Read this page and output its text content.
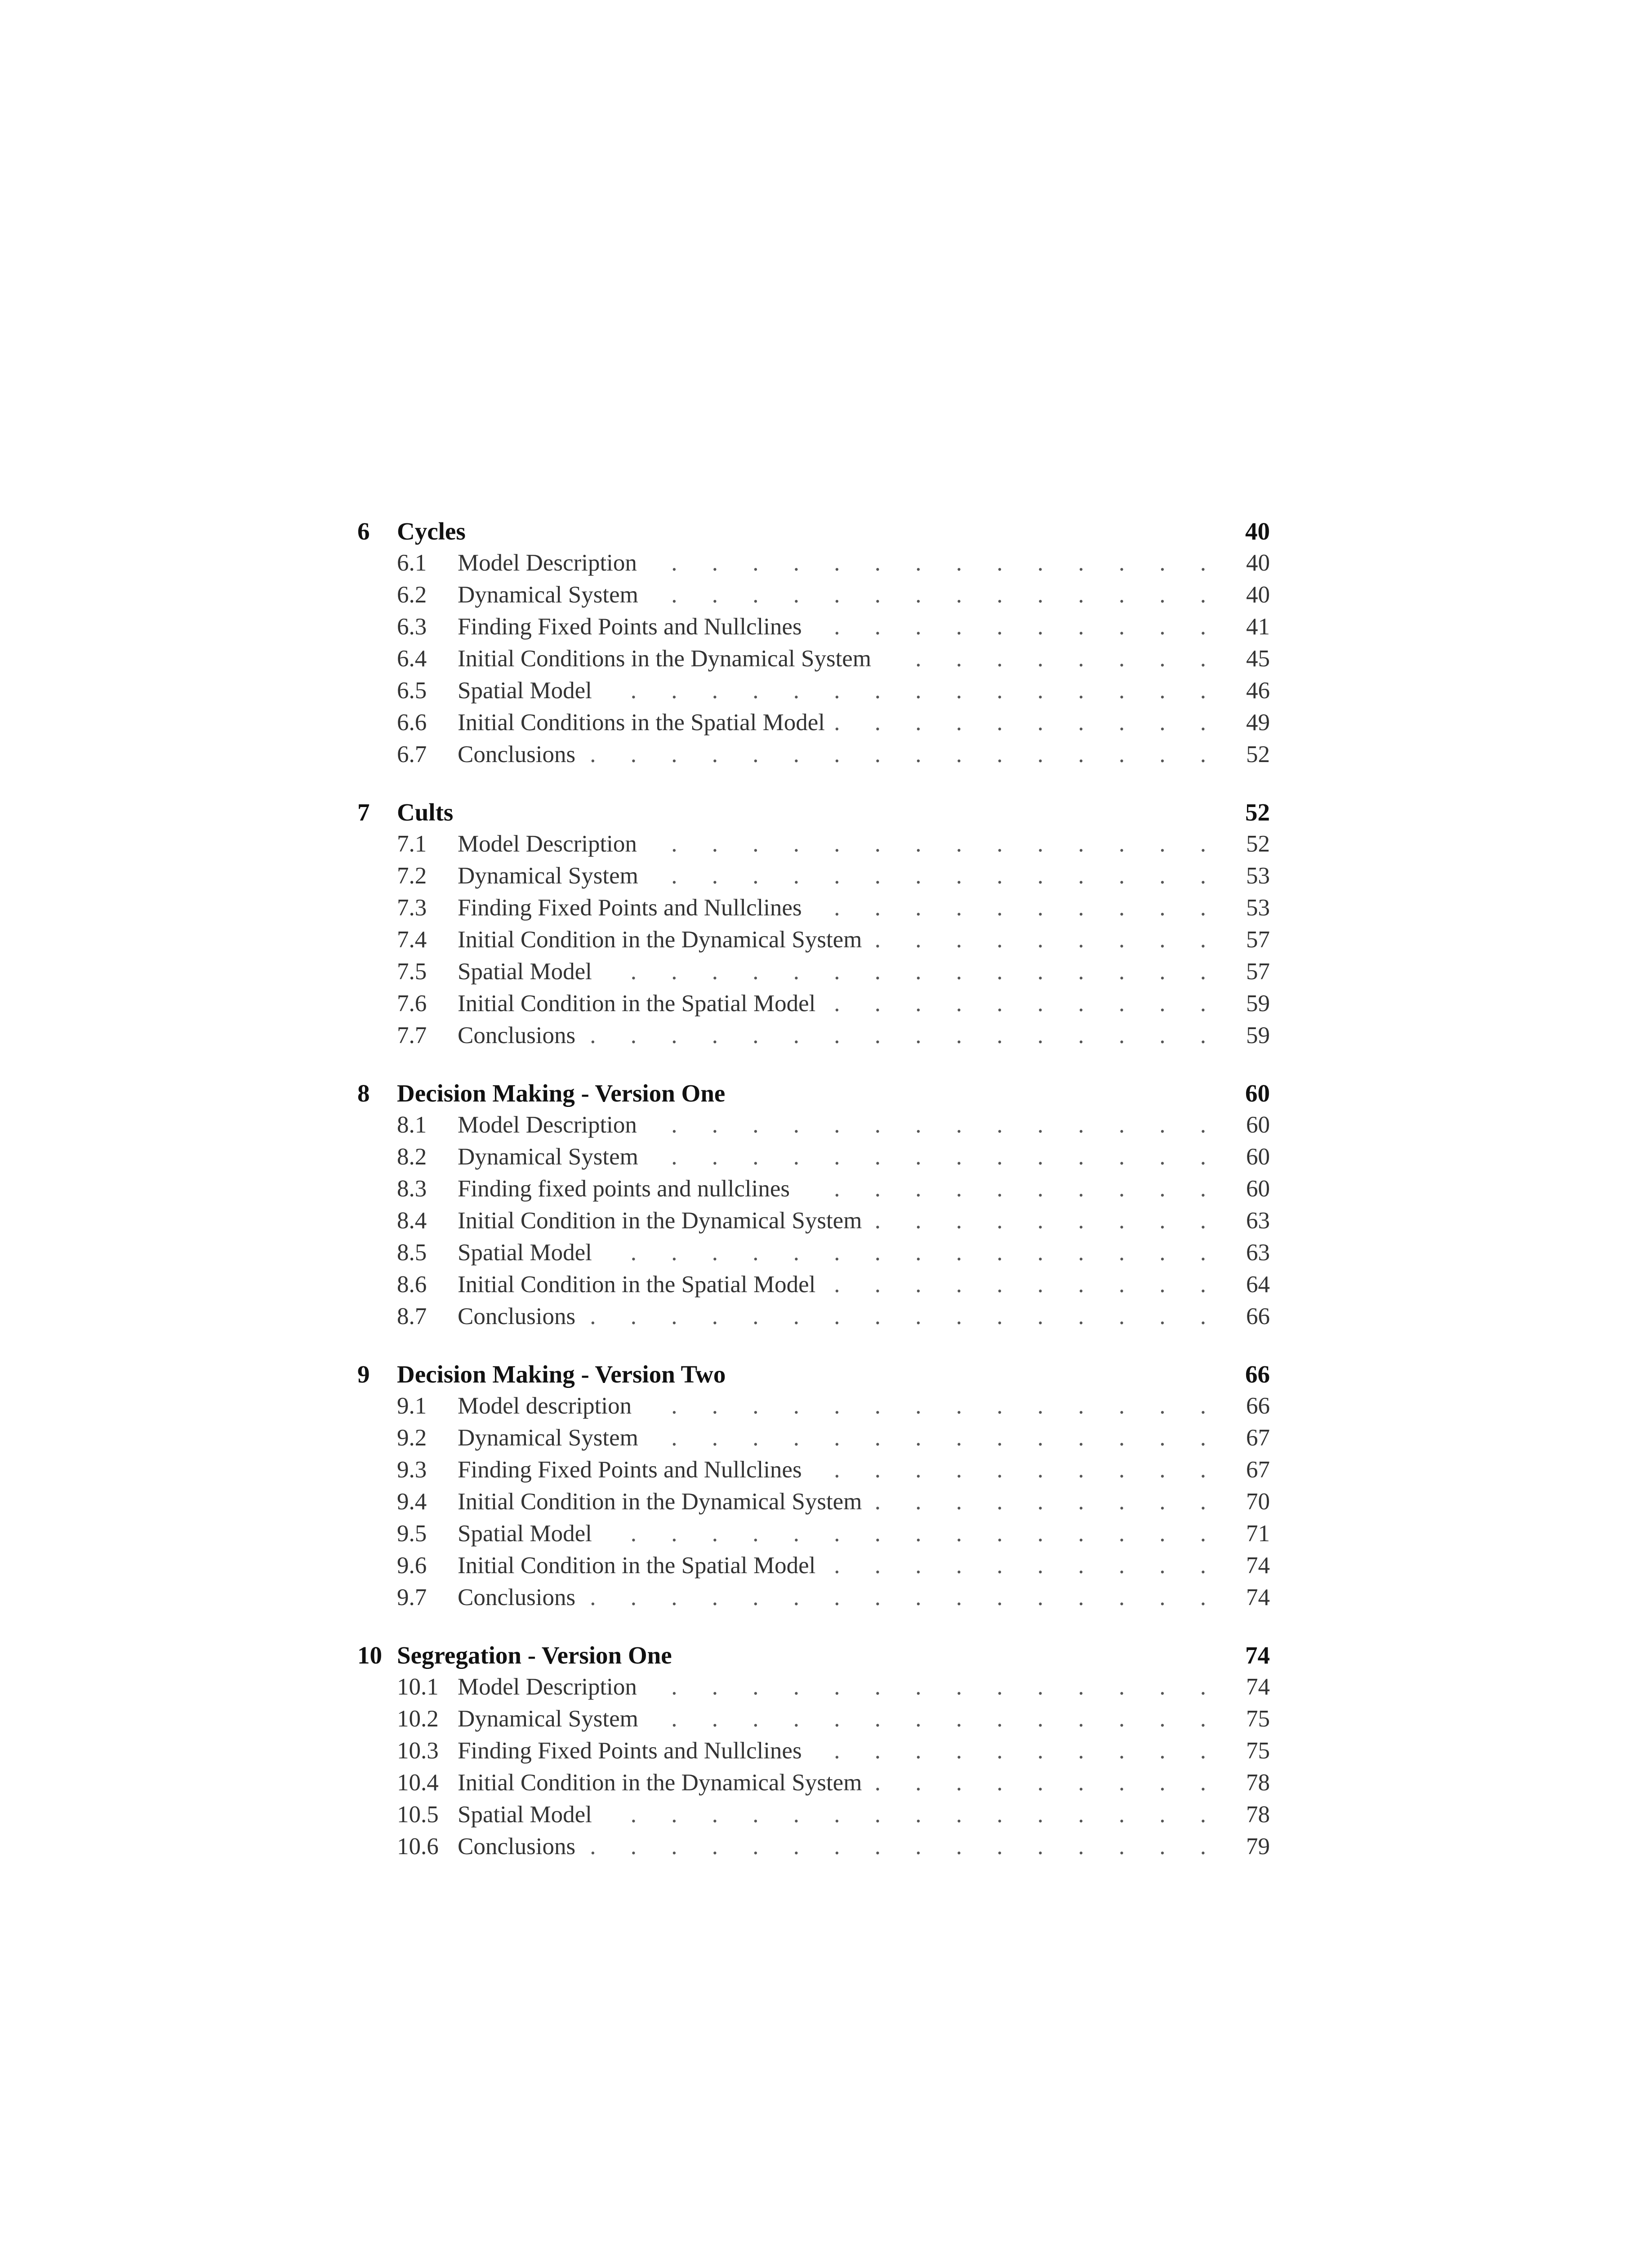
6	Cycles	40
6.1	Model Description . . .	40
6.2	Dynamical System . . .	40
6.3	Finding Fixed Points and Nullclines . . .	41
6.4	Initial Conditions in the Dynamical System . . .	45
6.5	Spatial Model . . .	46
6.6	Initial Conditions in the Spatial Model . . .	49
6.7	Conclusions . . .	52
7	Cults	52
7.1	Model Description . . .	52
7.2	Dynamical System . . .	53
7.3	Finding Fixed Points and Nullclines . . .	53
7.4	Initial Condition in the Dynamical System . . .	57
7.5	Spatial Model . . .	57
7.6	Initial Condition in the Spatial Model . . .	59
7.7	Conclusions . . .	59
8	Decision Making - Version One	60
8.1	Model Description . . .	60
8.2	Dynamical System . . .	60
8.3	Finding fixed points and nullclines . . .	60
8.4	Initial Condition in the Dynamical System . . .	63
8.5	Spatial Model . . .	63
8.6	Initial Condition in the Spatial Model . . .	64
8.7	Conclusions . . .	66
9	Decision Making - Version Two	66
9.1	Model description . . .	66
9.2	Dynamical System . . .	67
9.3	Finding Fixed Points and Nullclines . . .	67
9.4	Initial Condition in the Dynamical System . . .	70
9.5	Spatial Model . . .	71
9.6	Initial Condition in the Spatial Model . . .	74
9.7	Conclusions . . .	74
10 Segregation - Version One	74
10.1 Model Description . . .	74
10.2 Dynamical System . . .	75
10.3 Finding Fixed Points and Nullclines . . .	75
10.4 Initial Condition in the Dynamical System . . .	78
10.5 Spatial Model . . .	78
10.6 Conclusions . . .	79
